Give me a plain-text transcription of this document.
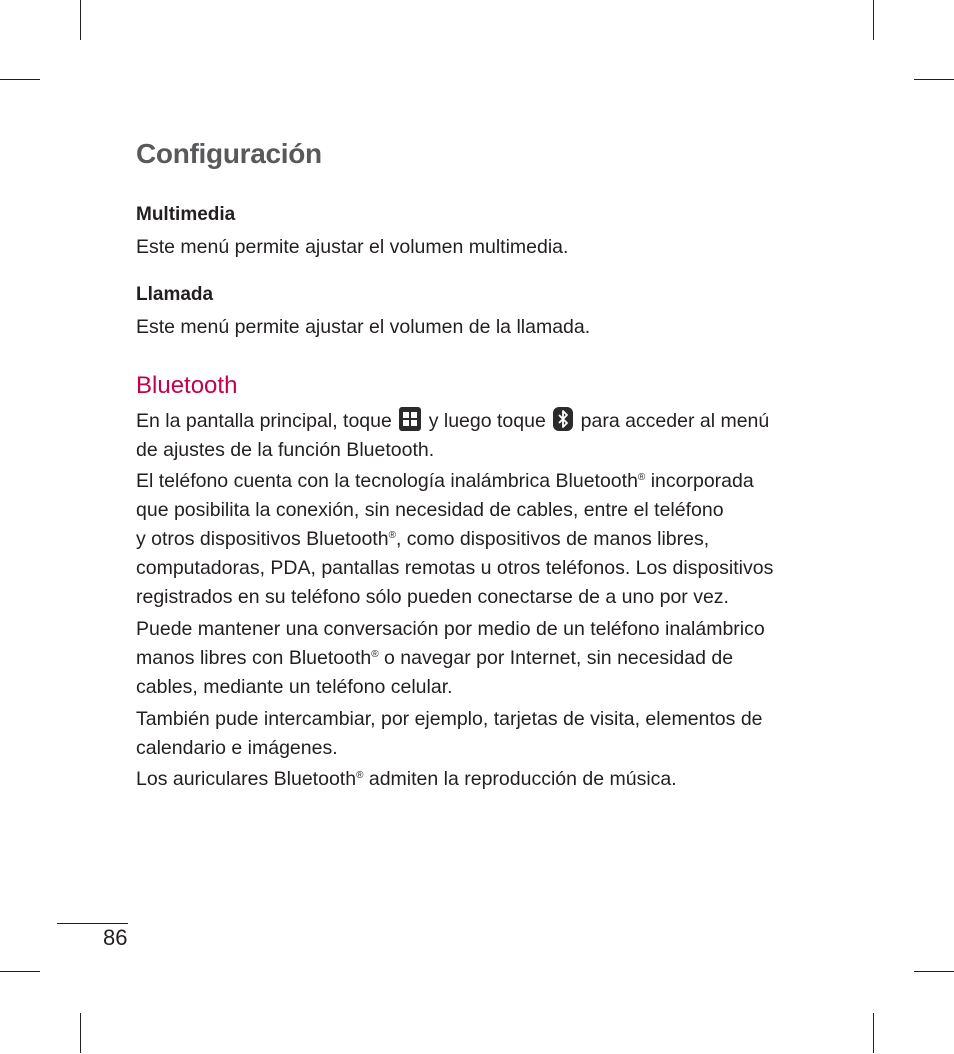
Configuración
Multimedia
Este menú permite ajustar el volumen multimedia.
Llamada
Este menú permite ajustar el volumen de la llamada.
Bluetooth
En la pantalla principal, toque y luego toque para acceder al menú
de ajustes de la función Bluetooth.
El teléfono cuenta con la tecnología inalámbrica Bluetooth® incorporada
que posibilita la conexión, sin necesidad de cables, entre el teléfono
y otros dispositivos Bluetooth®, como dispositivos de manos libres,
computadoras, PDA, pantallas remotas u otros teléfonos. Los dispositivos
registrados en su teléfono sólo pueden conectarse de a uno por vez.
Puede mantener una conversación por medio de un teléfono inalámbrico
manos libres con Bluetooth® o navegar por Internet, sin necesidad de
cables, mediante un teléfono celular.
También pude intercambiar, por ejemplo, tarjetas de visita, elementos de
calendario e imágenes.
Los auriculares Bluetooth® admiten la reproducción de música.
86
